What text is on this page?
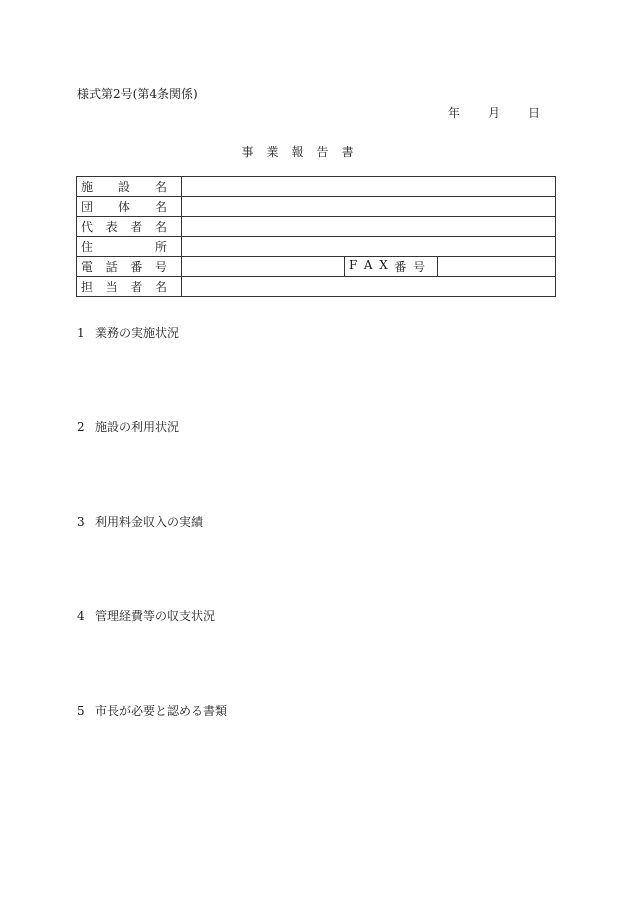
様式第2号(第4条関係)
年 月 日
事業報告書
施 設 名			

団 体 名			

代 表 者 名			

住 所			

電 話 番 号		F A X 番 号	

担 当 者 名			

1 業務の実施状況
2 施設の利用状況
3 利用料金収入の実績
4 管理経費等の収支状況
5 市長が必要と認める書類
